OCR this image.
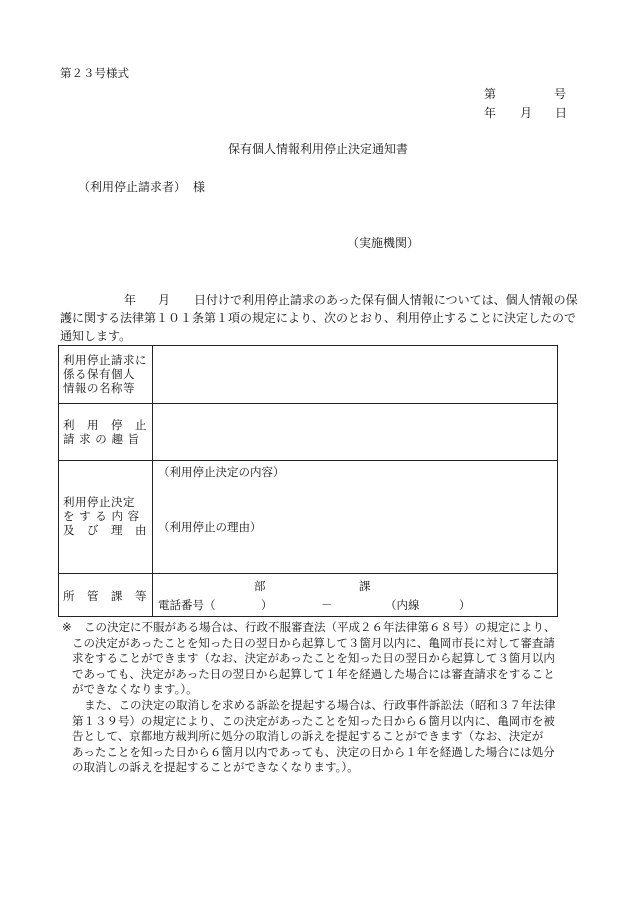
第２３号様式
第	号
年 月 日
保有個人情報利用停止決定通知書
（利用停止請求者） 様
（実施機関）
年 月 日付けで利用停止請求のあった保有個人情報については、個人情報の保
護に関する法律第１０１条第１項の規定により、次のとおり、利用停止することに決定したので
通知します。
利用停止請求に
係る保有個人
情報の名称等
利　用　停　止
請 求 の 趣 旨
利用停止決定
を す る 内 容
及　び　理　由
（利用停止決定の内容）
（利用停止の理由）
所　管　課　等
部	課
電話番号（	）	－	（内線	）
※	この決定に不服がある場合は、行政不服審査法（平成２６年法律第６８号）の規定により、
この決定があったことを知った日の翌日から起算して３箇月以内に、亀岡市長に対して審査請
求をすることができます（なお、決定があったことを知った日の翌日から起算して３箇月以内
であっても、決定があった日の翌日から起算して１年を経過した場合には審査請求をすること
ができなくなります。）。
また、この決定の取消しを求める訴訟を提起する場合は、行政事件訴訟法（昭和３７年法律
第１３９号）の規定により、この決定があったことを知った日から６箇月以内に、亀岡市を被
告として、京都地方裁判所に処分の取消しの訴えを提起することができます（なお、決定が
あったことを知った日から６箇月以内であっても、決定の日から１年を経過した場合には処分
の取消しの訴えを提起することができなくなります。）。
